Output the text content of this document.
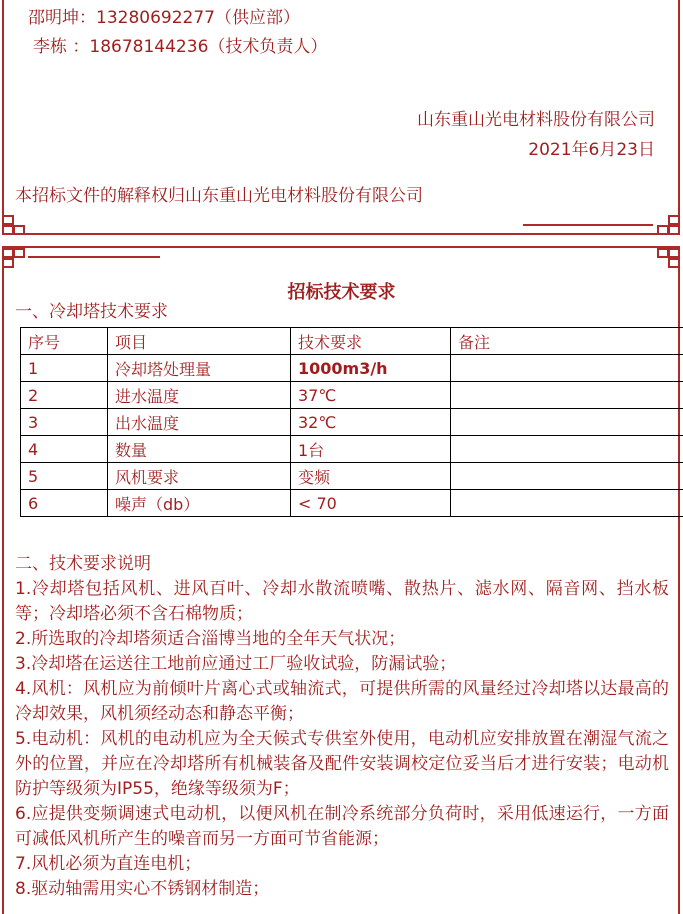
邵明坤：13280692277（供应部）
李栋 ：18678144236（技术负责人）
山东重山光电材料股份有限公司
2021年6月23日
本招标文件的解释权归山东重山光电材料股份有限公司
招标技术要求
一、冷却塔技术要求
序号	项目	技术要求	备注
1	冷却塔处理量	1000m3/h	
2	进水温度	37℃	
3	出水温度	32℃	
4	数量	1台	
5	风机要求	变频	
6	噪声（db）	< 70	

二、技术要求说明

1.冷却塔包括风机、进风百叶、冷却水散流喷嘴、散热片、滤水网、隔音网、挡水板等；冷却塔必须不含石棉物质；

2.所选取的冷却塔须适合淄博当地的全年天气状况；

3.冷却塔在运送往工地前应通过工厂验收试验，防漏试验；

4.风机：风机应为前倾叶片离心式或轴流式，可提供所需的风量经过冷却塔以达最高的冷却效果，风机须经动态和静态平衡；

5.电动机：风机的电动机应为全天候式专供室外使用，电动机应安排放置在潮湿气流之外的位置，并应在冷却塔所有机械装备及配件安装调校定位妥当后才进行安装；电动机防护等级须为IP55，绝缘等级须为F；

6.应提供变频调速式电动机，以便风机在制冷系统部分负荷时，采用低速运行，一方面可减低风机所产生的噪音而另一方面可节省能源；

7.风机必须为直连电机；

8.驱动轴需用实心不锈钢材制造；
